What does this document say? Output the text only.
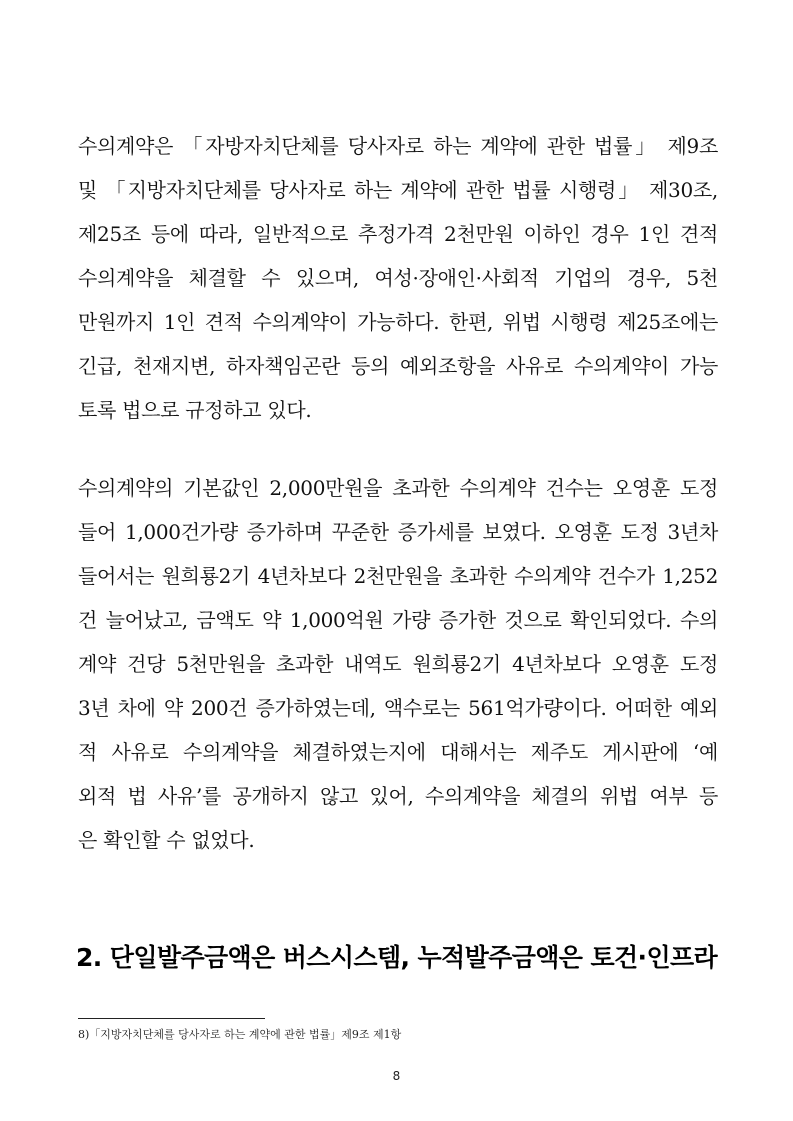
수의계약은 「자방자치단체를 당사자로 하는 계약에 관한 법률」 제9조
및 「지방자치단체를 당사자로 하는 계약에 관한 법률 시행령」 제30조,
제25조 등에 따라, 일반적으로 추정가격 2천만원 이하인 경우 1인 견적
수의계약을 체결할 수 있으며, 여성·장애인·사회적 기업의 경우, 5천
만원까지 1인 견적 수의계약이 가능하다. 한편, 위법 시행령 제25조에는
긴급, 천재지변, 하자책임곤란 등의 예외조항을 사유로 수의계약이 가능
토록 법으로 규정하고 있다.
수의계약의 기본값인 2,000만원을 초과한 수의계약 건수는 오영훈 도정
들어 1,000건가량 증가하며 꾸준한 증가세를 보였다. 오영훈 도정 3년차
들어서는 원희룡2기 4년차보다 2천만원을 초과한 수의계약 건수가 1,252
건 늘어났고, 금액도 약 1,000억원 가량 증가한 것으로 확인되었다. 수의
계약 건당 5천만원을 초과한 내역도 원희룡2기 4년차보다 오영훈 도정
3년 차에 약 200건 증가하였는데, 액수로는 561억가량이다. 어떠한 예외
적 사유로 수의계약을 체결하였는지에 대해서는 제주도 게시판에 ‘예
외적 법 사유’를 공개하지 않고 있어, 수의계약을 체결의 위법 여부 등
은 확인할 수 없었다.
2. 단일발주금액은 버스시스템, 누적발주금액은 토건·인프라

8)「지방자치단체를 당사자로 하는 계약에 관한 법률」제9조 제1항

8
